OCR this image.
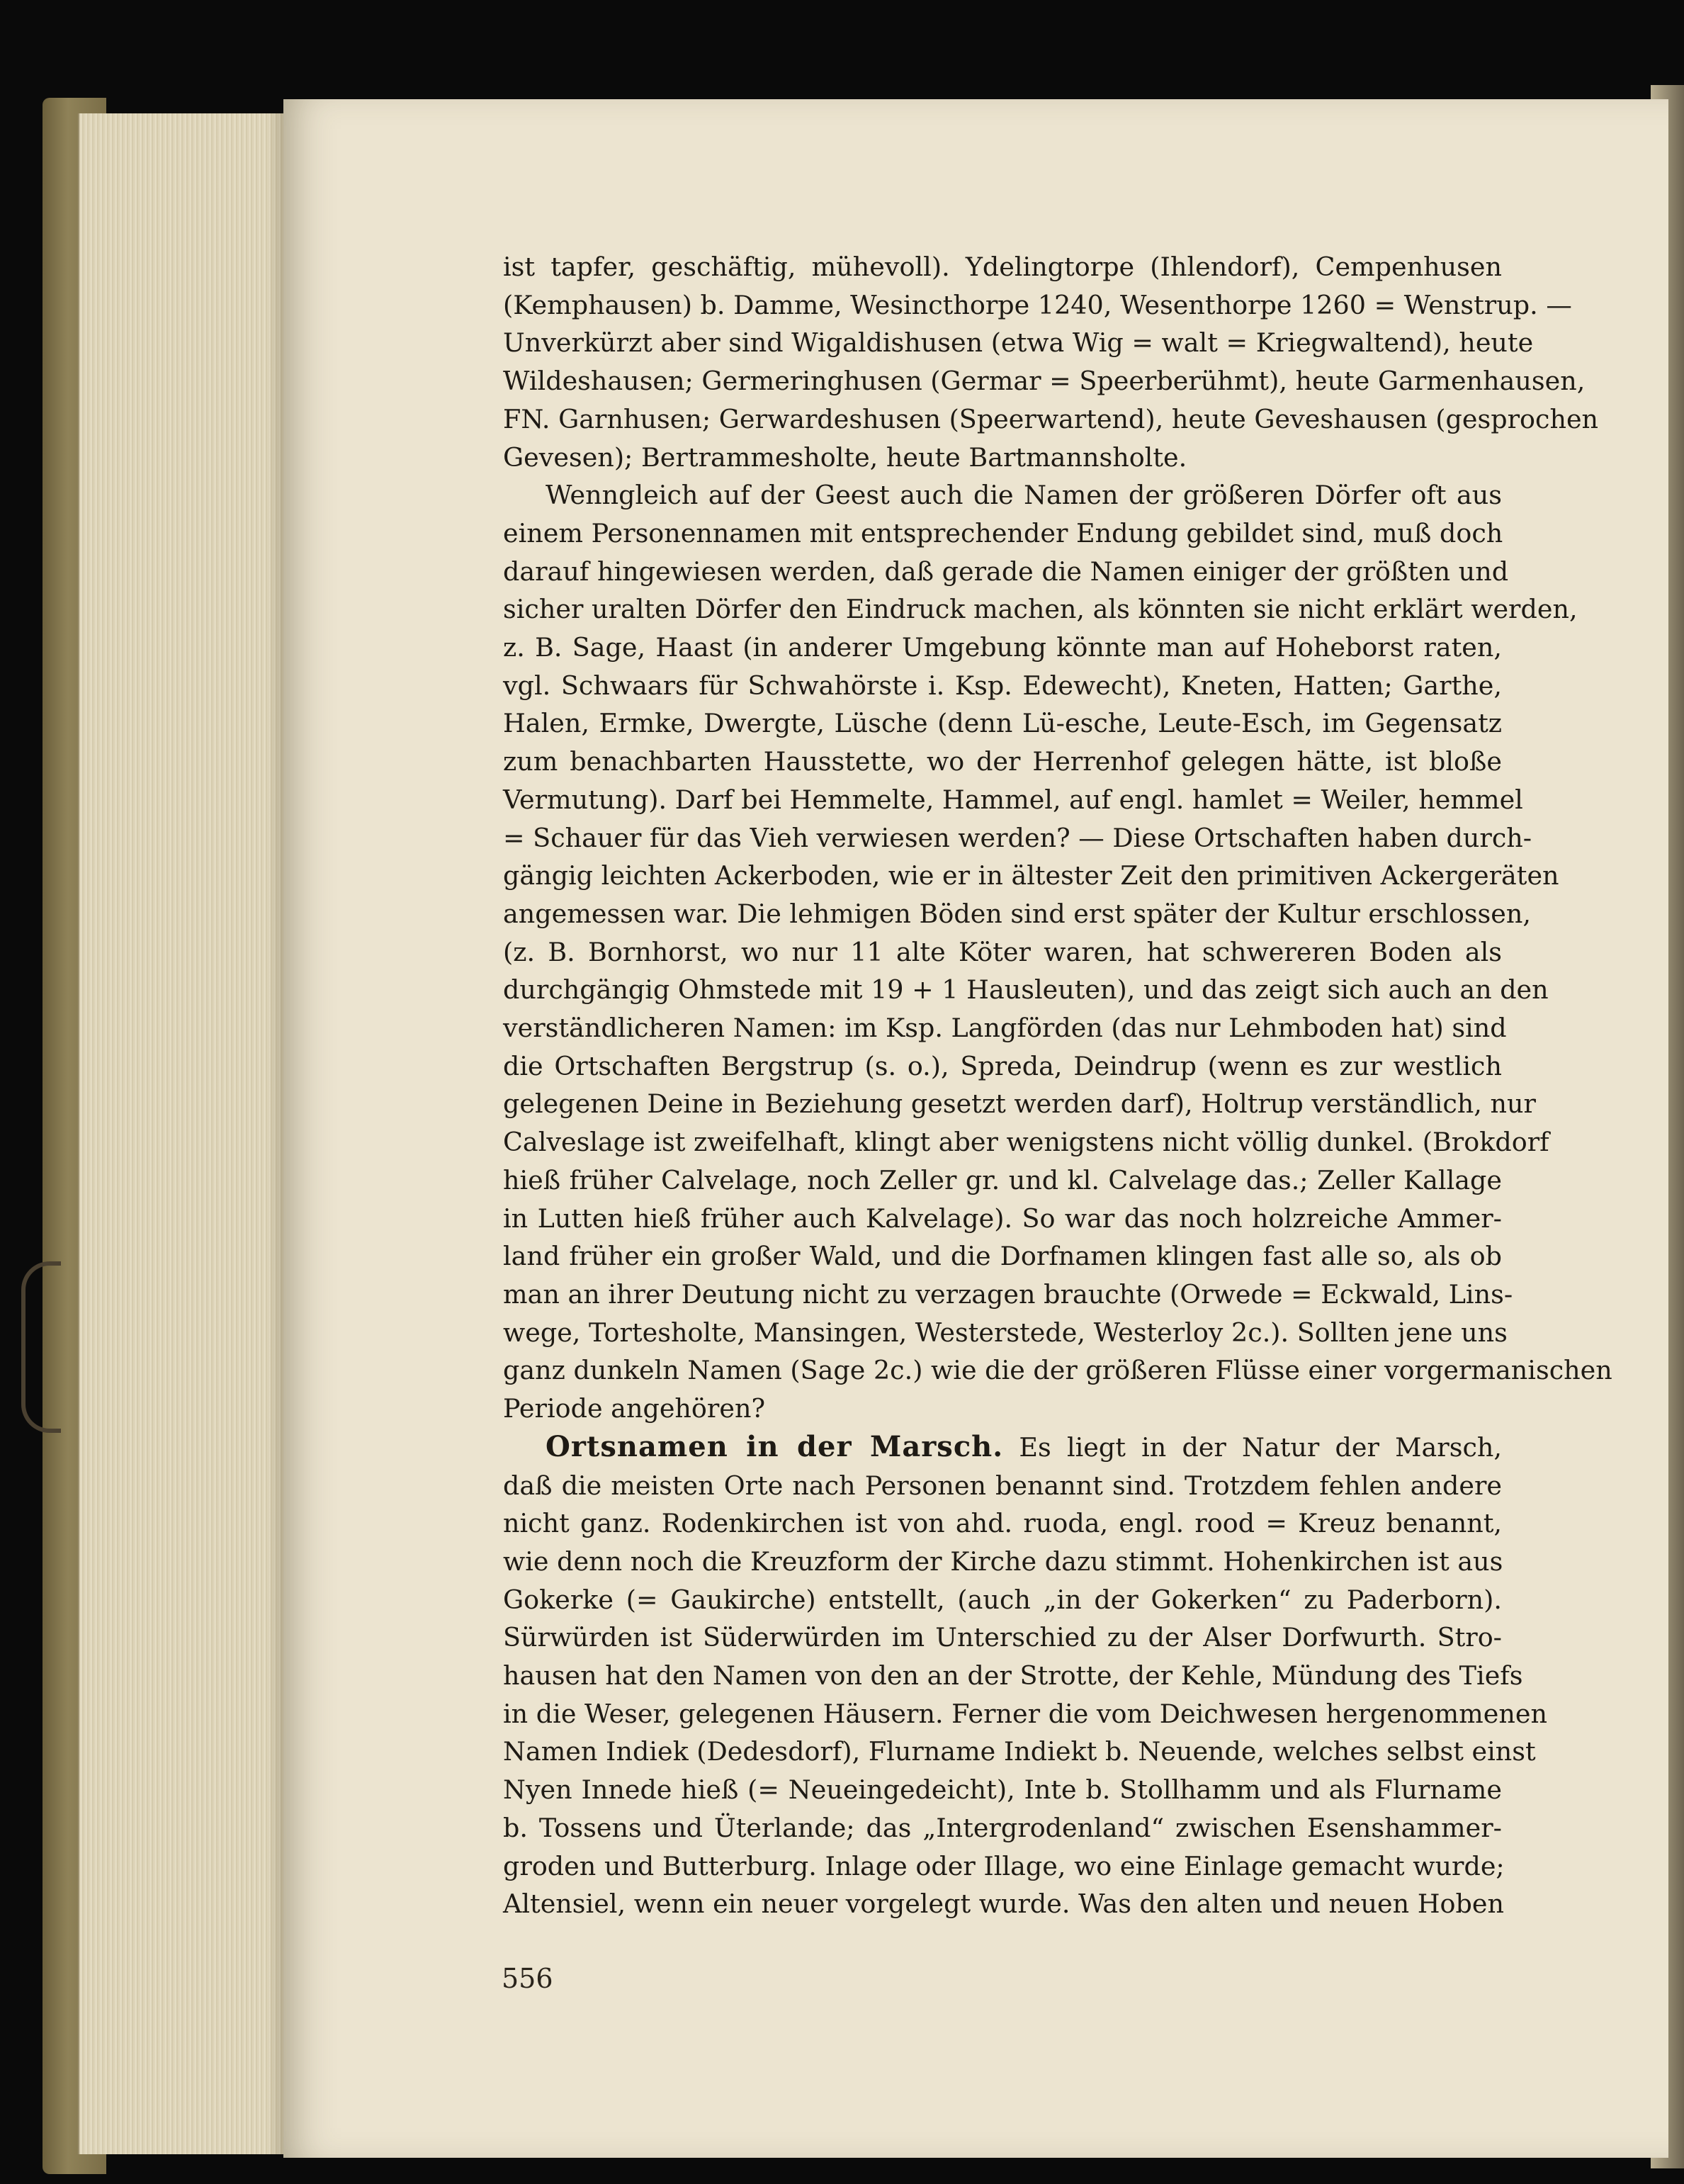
ist tapfer, geschäftig, mühevoll). Ydelingtorpe (Ihlendorf), Cempenhusen
(Kemphausen) b. Damme, Wesincthorpe 1240, Wesenthorpe 1260 = Wenstrup. —
Unverkürzt aber sind Wigaldishusen (etwa Wig = walt = Kriegwaltend), heute
Wildeshausen; Germeringhusen (Germar = Speerberühmt), heute Garmenhausen,
FN. Garnhusen; Gerwardeshusen (Speerwartend), heute Geveshausen (gesprochen
Gevesen); Bertrammesholte, heute Bartmannsholte.
Wenngleich auf der Geest auch die Namen der größeren Dörfer oft aus
einem Personennamen mit entsprechender Endung gebildet sind, muß doch
darauf hingewiesen werden, daß gerade die Namen einiger der größten und
sicher uralten Dörfer den Eindruck machen, als könnten sie nicht erklärt werden,
z. B. Sage, Haast (in anderer Umgebung könnte man auf Hoheborst raten,
vgl. Schwaars für Schwahörste i. Ksp. Edewecht), Kneten, Hatten; Garthe,
Halen, Ermke, Dwergte, Lüsche (denn Lü-esche, Leute-Esch, im Gegensatz
zum benachbarten Hausstette, wo der Herrenhof gelegen hätte, ist bloße
Vermutung). Darf bei Hemmelte, Hammel, auf engl. hamlet = Weiler, hemmel
= Schauer für das Vieh verwiesen werden? — Diese Ortschaften haben durch-
gängig leichten Ackerboden, wie er in ältester Zeit den primitiven Ackergeräten
angemessen war. Die lehmigen Böden sind erst später der Kultur erschlossen,
(z. B. Bornhorst, wo nur 11 alte Köter waren, hat schwereren Boden als
durchgängig Ohmstede mit 19 + 1 Hausleuten), und das zeigt sich auch an den
verständlicheren Namen: im Ksp. Langförden (das nur Lehmboden hat) sind
die Ortschaften Bergstrup (s. o.), Spreda, Deindrup (wenn es zur westlich
gelegenen Deine in Beziehung gesetzt werden darf), Holtrup verständlich, nur
Calveslage ist zweifelhaft, klingt aber wenigstens nicht völlig dunkel. (Brokdorf
hieß früher Calvelage, noch Zeller gr. und kl. Calvelage das.; Zeller Kallage
in Lutten hieß früher auch Kalvelage). So war das noch holzreiche Ammer-
land früher ein großer Wald, und die Dorfnamen klingen fast alle so, als ob
man an ihrer Deutung nicht zu verzagen brauchte (Orwede = Eckwald, Lins-
wege, Tortesholte, Mansingen, Westerstede, Westerloy 2c.). Sollten jene uns
ganz dunkeln Namen (Sage 2c.) wie die der größeren Flüsse einer vorgermanischen
Periode angehören?
Ortsnamen in der Marsch. Es liegt in der Natur der Marsch,
daß die meisten Orte nach Personen benannt sind. Trotzdem fehlen andere
nicht ganz. Rodenkirchen ist von ahd. ruoda, engl. rood = Kreuz benannt,
wie denn noch die Kreuzform der Kirche dazu stimmt. Hohenkirchen ist aus
Gokerke (= Gaukirche) entstellt, (auch „in der Gokerken“ zu Paderborn).
Sürwürden ist Süderwürden im Unterschied zu der Alser Dorfwurth. Stro-
hausen hat den Namen von den an der Strotte, der Kehle, Mündung des Tiefs
in die Weser, gelegenen Häusern. Ferner die vom Deichwesen hergenommenen
Namen Indiek (Dedesdorf), Flurname Indiekt b. Neuende, welches selbst einst
Nyen Innede hieß (= Neueingedeicht), Inte b. Stollhamm und als Flurname
b. Tossens und Üterlande; das „Intergrodenland“ zwischen Esenshammer-
groden und Butterburg. Inlage oder Illage, wo eine Einlage gemacht wurde;
Altensiel, wenn ein neuer vorgelegt wurde. Was den alten und neuen Hoben
556
